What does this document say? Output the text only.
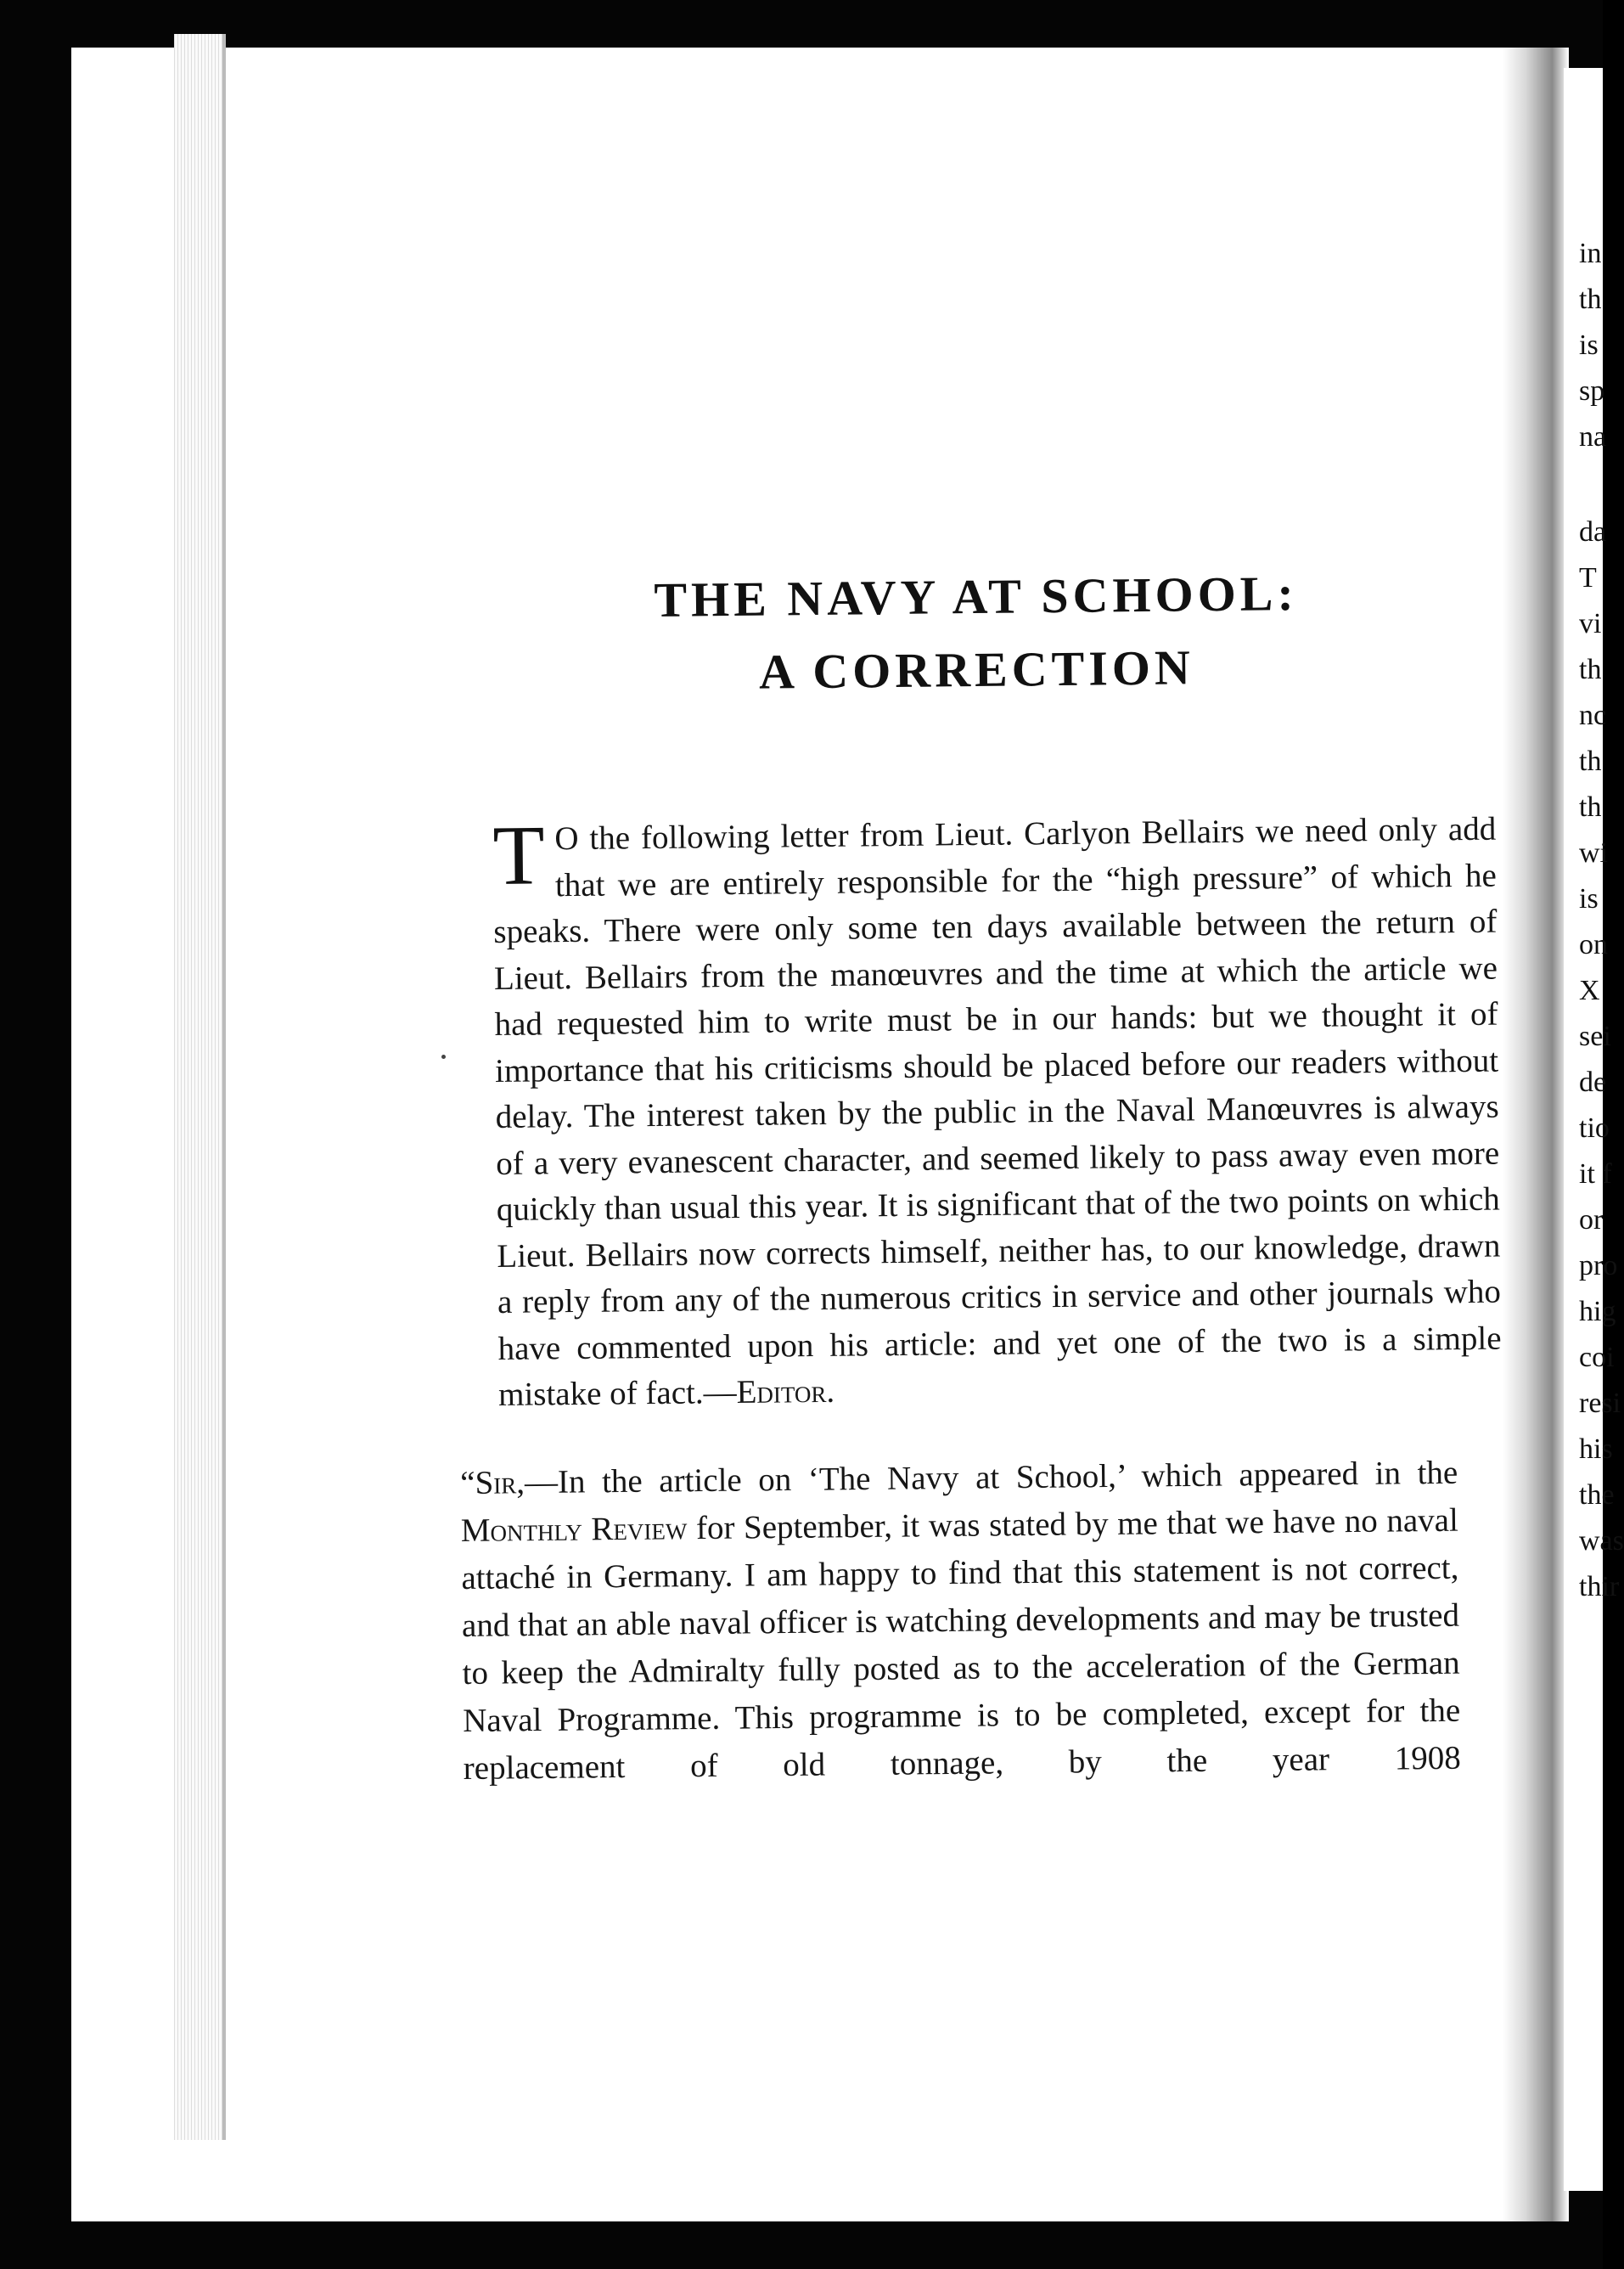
THE NAVY AT SCHOOL:
A CORRECTION

T O the following letter from Lieut. Carlyon Bellairs we need only add that we are entirely responsible for the “high pressure” of which he speaks. There were only some ten days available between the return of Lieut. Bellairs from the manœuvres and the time at which the article we had requested him to write must be in our hands: but we thought it of importance that his criticisms should be placed before our readers without delay. The interest taken by the public in the Naval Manœuvres is always of a very evanescent character, and seemed likely to pass away even more quickly than usual this year. It is significant that of the two points on which Lieut. Bellairs now corrects himself, neither has, to our knowledge, drawn a reply from any of the numerous critics in service and other journals who have commented upon his article: and yet one of the two is a simple mistake of fact.—Editor.

“Sir,—In the article on ‘The Navy at School,’ which appeared in the Monthly Review for September, it was stated by me that we have no naval attaché in Germany. I am happy to find that this statement is not correct, and that an able naval officer is watching developments and may be trusted to keep the Admiralty fully posted as to the acceleration of the German Naval Programme. This programme is to be completed, except for the replacement of old tonnage, by the year 1908

in
th
is
sp
na
da
T
vi
th
nc
th
th
wi
is
on
X
sei
de
tio
it f
or
pro
hig
coi
resi
his
the
was
thir
